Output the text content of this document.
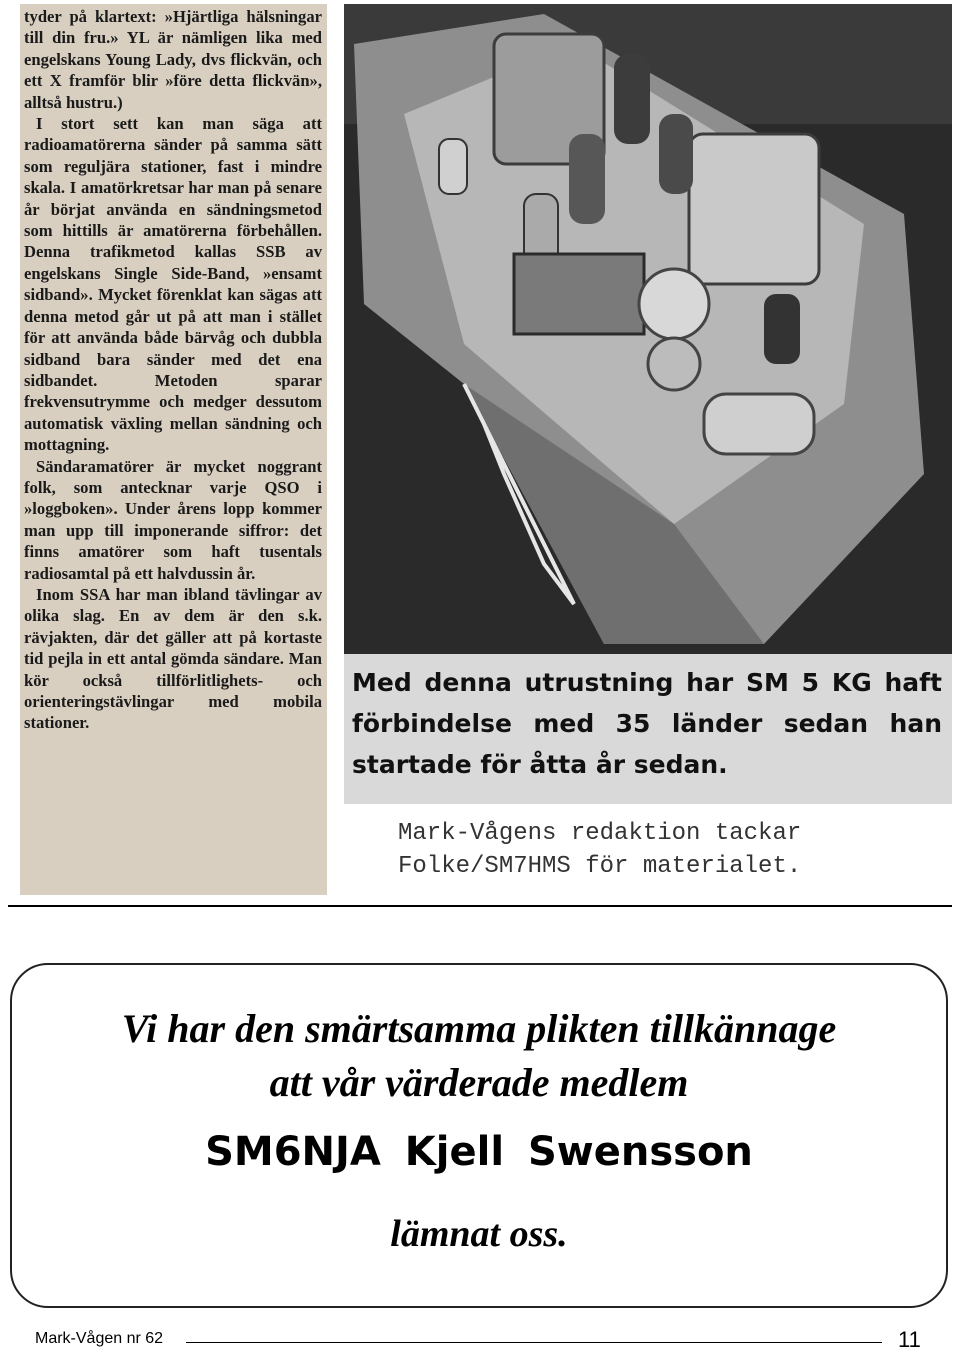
tyder på klartext: »Hjärtliga hälsningar till din fru.» YL är nämligen lika med engelskans Young Lady, dvs flickvän, och ett X framför blir »före detta flickvän», alltså hustru.)

I stort sett kan man säga att radioamatörerna sänder på samma sätt som reguljära stationer, fast i mindre skala. I amatörkretsar har man på senare år börjat använda en sändningsmetod som hittills är amatörerna förbehållen. Denna trafikmetod kallas SSB av engelskans Single Side-Band, »ensamt sidband». Mycket förenklat kan sägas att denna metod går ut på att man i stället för att använda både bärvåg och dubbla sidband bara sänder med det ena sidbandet. Metoden sparar frekvensutrymme och medger dessutom automatisk växling mellan sändning och mottagning.

Sändaramatörer är mycket noggrant folk, som antecknar varje QSO i »loggboken». Under årens lopp kommer man upp till imponerande siffror: det finns amatörer som haft tusentals radiosamtal på ett halvdussin år.

Inom SSA har man ibland tävlingar av olika slag. En av dem är den s.k. rävjakten, där det gäller att på kortaste tid pejla in ett antal gömda sändare. Man kör också tillförlitlighets- och orienteringstävlingar med mobila stationer.

Med denna utrustning har SM 5 KG haft förbindelse med 35 länder sedan han startade för åtta år sedan.
Mark-Vågens redaktion tackar
Folke/SM7HMS för materialet.
Vi har den smärtsamma plikten tillkännage
att vår värderade medlem
SM6NJA Kjell Swensson
lämnat oss.
Mark-Vågen nr 62	11
